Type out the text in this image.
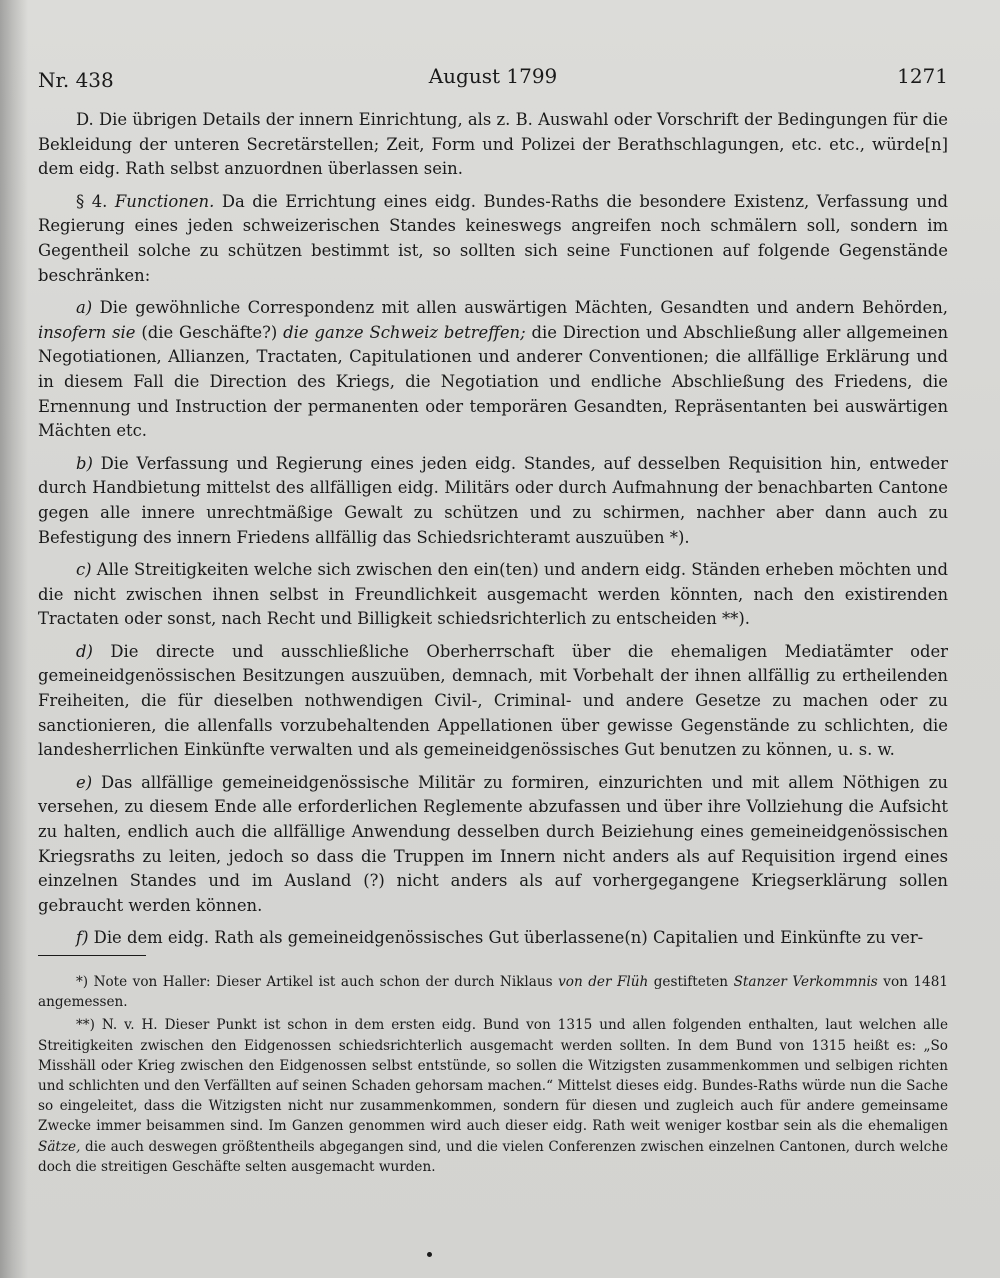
Nr. 438	August 1799	1271

D. Die übrigen Details der innern Einrichtung, als z. B. Auswahl oder Vorschrift der Bedingungen für die Bekleidung der unteren Secretärstellen; Zeit, Form und Polizei der Berathschlagungen, etc. etc., würde[n] dem eidg. Rath selbst anzuordnen überlassen sein.

§ 4. Functionen. Da die Errichtung eines eidg. Bundes-Raths die besondere Existenz, Verfassung und Regierung eines jeden schweizerischen Standes keineswegs angreifen noch schmälern soll, sondern im Gegentheil solche zu schützen bestimmt ist, so sollten sich seine Functionen auf folgende Gegenstände beschränken:

a) Die gewöhnliche Correspondenz mit allen auswärtigen Mächten, Gesandten und andern Behörden, insofern sie (die Geschäfte?) die ganze Schweiz betreffen; die Direction und Abschließung aller allgemeinen Negotiationen, Allianzen, Tractaten, Capitulationen und anderer Conventionen; die allfällige Erklärung und in diesem Fall die Direction des Kriegs, die Negotiation und endliche Abschließung des Friedens, die Ernennung und Instruction der permanenten oder temporären Gesandten, Repräsentanten bei auswärtigen Mächten etc.

b) Die Verfassung und Regierung eines jeden eidg. Standes, auf desselben Requisition hin, entweder durch Handbietung mittelst des allfälligen eidg. Militärs oder durch Aufmahnung der benachbarten Cantone gegen alle innere unrechtmäßige Gewalt zu schützen und zu schirmen, nachher aber dann auch zu Befestigung des innern Friedens allfällig das Schiedsrichteramt auszuüben *).

c) Alle Streitigkeiten welche sich zwischen den ein(ten) und andern eidg. Ständen erheben möchten und die nicht zwischen ihnen selbst in Freundlichkeit ausgemacht werden könnten, nach den existirenden Tractaten oder sonst, nach Recht und Billigkeit schiedsrichterlich zu entscheiden **).

d) Die directe und ausschließliche Oberherrschaft über die ehemaligen Mediatämter oder gemeineidgenössischen Besitzungen auszuüben, demnach, mit Vorbehalt der ihnen allfällig zu ertheilenden Freiheiten, die für dieselben nothwendigen Civil-, Criminal- und andere Gesetze zu machen oder zu sanctionieren, die allenfalls vorzubehaltenden Appellationen über gewisse Gegenstände zu schlichten, die landesherrlichen Einkünfte verwalten und als gemeineidgenössisches Gut benutzen zu können, u. s. w.

e) Das allfällige gemeineidgenössische Militär zu formiren, einzurichten und mit allem Nöthigen zu versehen, zu diesem Ende alle erforderlichen Reglemente abzufassen und über ihre Vollziehung die Aufsicht zu halten, endlich auch die allfällige Anwendung desselben durch Beiziehung eines gemeineidgenössischen Kriegsraths zu leiten, jedoch so dass die Truppen im Innern nicht anders als auf Requisition irgend eines einzelnen Standes und im Ausland (?) nicht anders als auf vorhergegangene Kriegserklärung sollen gebraucht werden können.

f) Die dem eidg. Rath als gemeineidgenössisches Gut überlassene(n) Capitalien und Einkünfte zu ver-

*) Note von Haller: Dieser Artikel ist auch schon der durch Niklaus von der Flüh gestifteten Stanzer Verkommnis von 1481 angemessen.

**) N. v. H. Dieser Punkt ist schon in dem ersten eidg. Bund von 1315 und allen folgenden enthalten, laut welchen alle Streitigkeiten zwischen den Eidgenossen schiedsrichterlich ausgemacht werden sollten. In dem Bund von 1315 heißt es: „So Misshäll oder Krieg zwischen den Eidgenossen selbst entstünde, so sollen die Witzigsten zusammenkommen und selbigen richten und schlichten und den Verfällten auf seinen Schaden gehorsam machen.“ Mittelst dieses eidg. Bundes-Raths würde nun die Sache so eingeleitet, dass die Witzigsten nicht nur zusammenkommen, sondern für diesen und zugleich auch für andere gemeinsame Zwecke immer beisammen sind. Im Ganzen genommen wird auch dieser eidg. Rath weit weniger kostbar sein als die ehemaligen Sätze, die auch deswegen größtentheils abgegangen sind, und die vielen Conferenzen zwischen einzelnen Cantonen, durch welche doch die streitigen Geschäfte selten ausgemacht wurden.
